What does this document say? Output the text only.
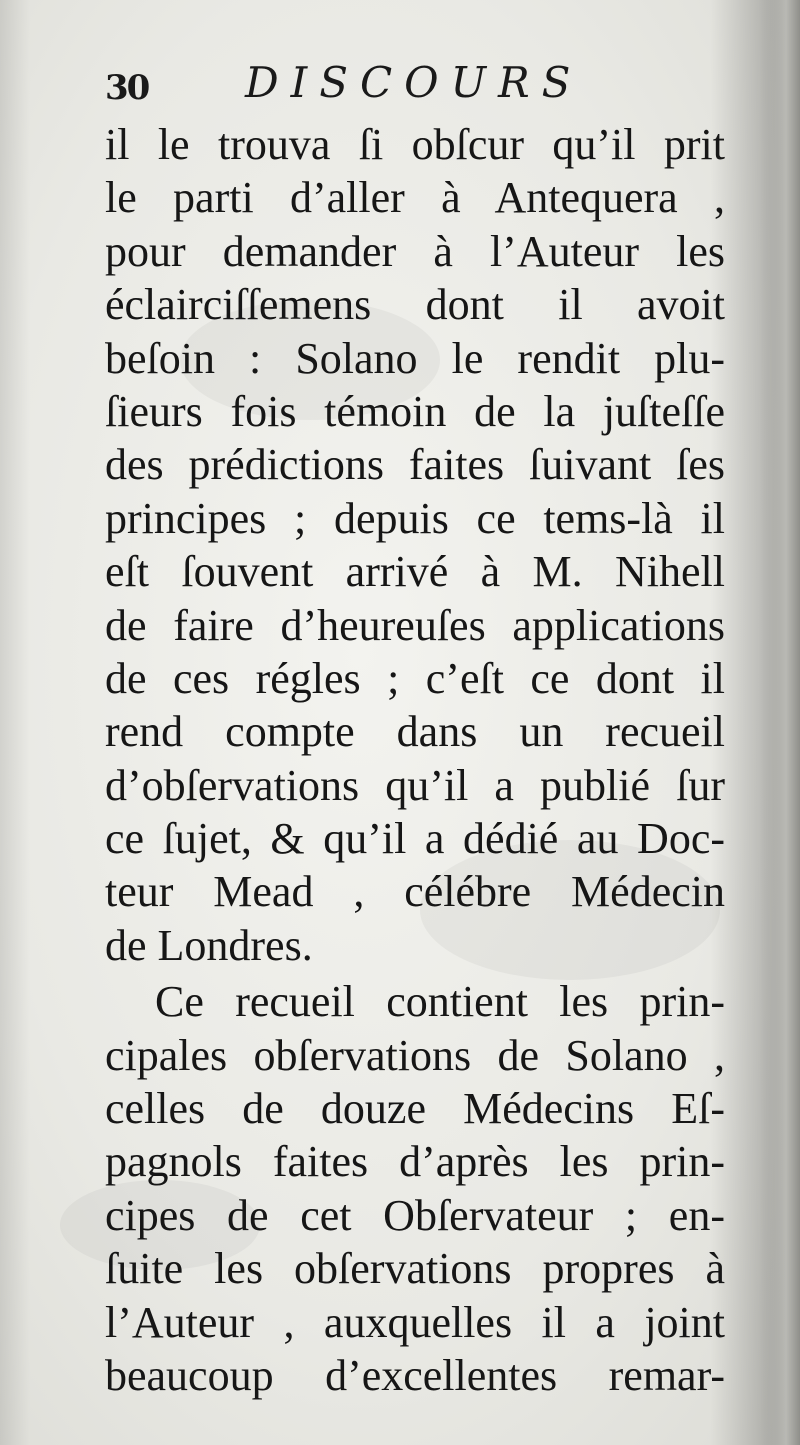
30 DISCOURS
il le trouva ſi obſcur qu’il prit
le parti d’aller à Antequera ,
pour demander à l’Auteur les
éclairciſſemens dont il avoit
beſoin : Solano le rendit plu-
ſieurs fois témoin de la juſteſſe
des prédictions faites ſuivant ſes
principes ; depuis ce tems-là il
eſt ſouvent arrivé à M. Nihell
de faire d’heureuſes applications
de ces régles ; c’eſt ce dont il
rend compte dans un recueil
d’obſervations qu’il a publié ſur
ce ſujet, & qu’il a dédié au Doc-
teur Mead , célébre Médecin
de Londres.
Ce recueil contient les prin-
cipales obſervations de Solano ,
celles de douze Médecins Eſ-
pagnols faites d’après les prin-
cipes de cet Obſervateur ; en-
ſuite les obſervations propres à
l’Auteur , auxquelles il a joint
beaucoup d’excellentes remar-
